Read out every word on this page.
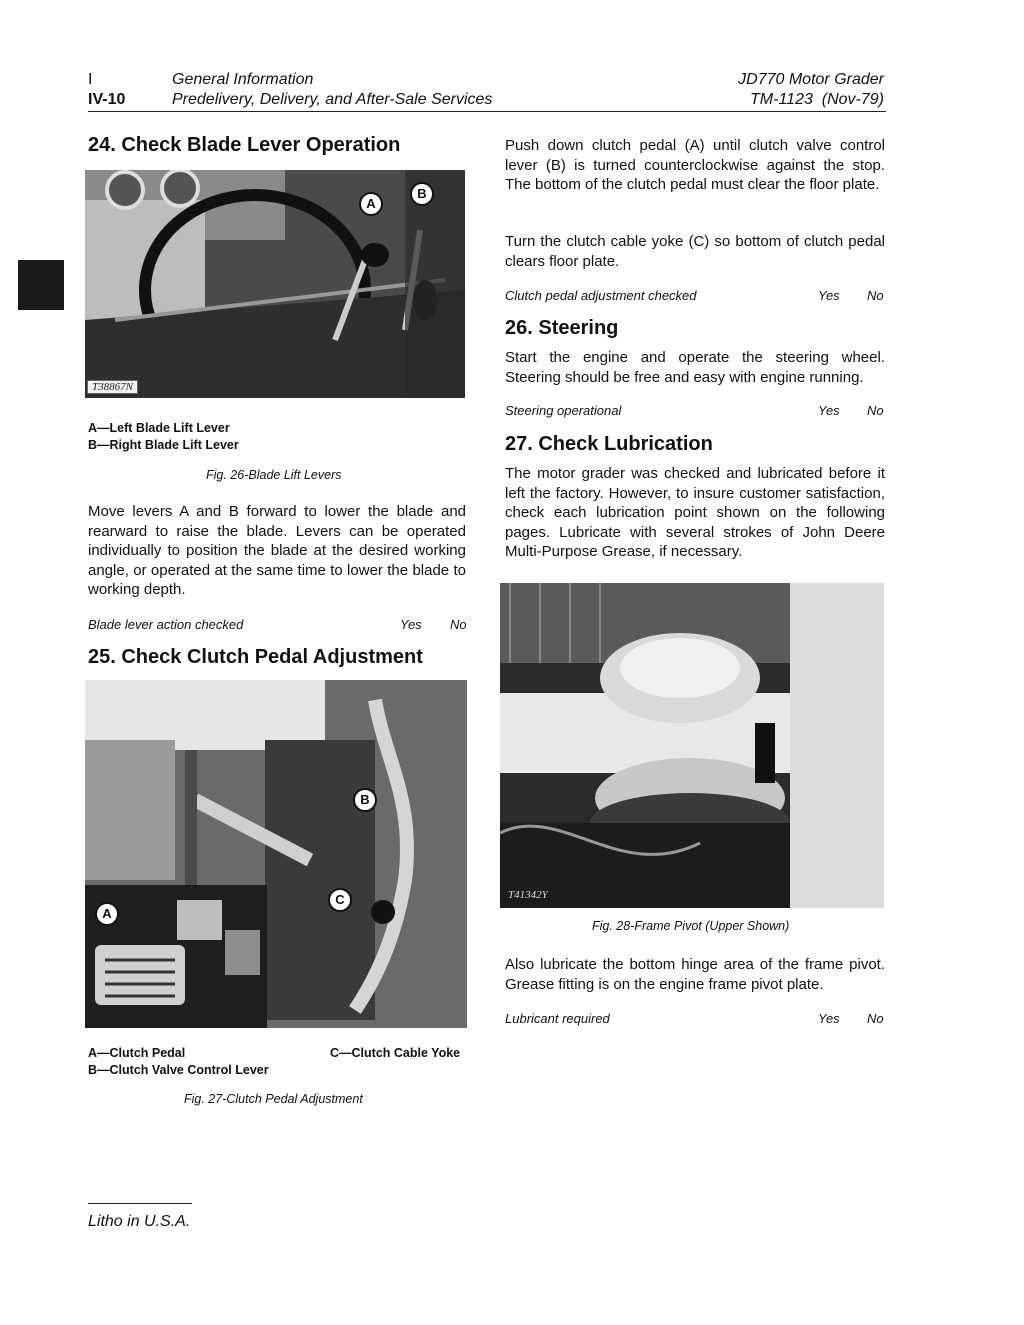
I
IV-10
General Information
Predelivery, Delivery, and After-Sale Services
JD770 Motor Grader
TM-1123  (Nov-79)
24. Check Blade Lever Operation
A
B
T38867N
A—Left Blade Lift Lever
B—Right Blade Lift Lever
Fig. 26-Blade Lift Levers
Move levers A and B forward to lower the blade and rearward to raise the blade. Levers can be operated individually to position the blade at the desired working angle, or operated at the same time to lower the blade to working depth.
Blade lever action checked	Yes No
25. Check Clutch Pedal Adjustment
B
C
A
A—Clutch Pedal
B—Clutch Valve Control Lever
C—Clutch Cable Yoke
Fig. 27-Clutch Pedal Adjustment
Push down clutch pedal (A) until clutch valve control lever (B) is turned counterclockwise against the stop. The bottom of the clutch pedal must clear the floor plate.
Turn the clutch cable yoke (C) so bottom of clutch pedal clears floor plate.
Clutch pedal adjustment checked	Yes No
26. Steering
Start the engine and operate the steering wheel. Steering should be free and easy with engine running.
Steering operational	Yes No
27. Check Lubrication
The motor grader was checked and lubricated before it left the factory. However, to insure customer satisfaction, check each lubrication point shown on the following pages. Lubricate with several strokes of John Deere Multi-Purpose Grease, if necessary.
T41342Y
Fig. 28-Frame Pivot (Upper Shown)
Also lubricate the bottom hinge area of the frame pivot. Grease fitting is on the engine frame pivot plate.
Lubricant required	Yes No
Litho in U.S.A.
